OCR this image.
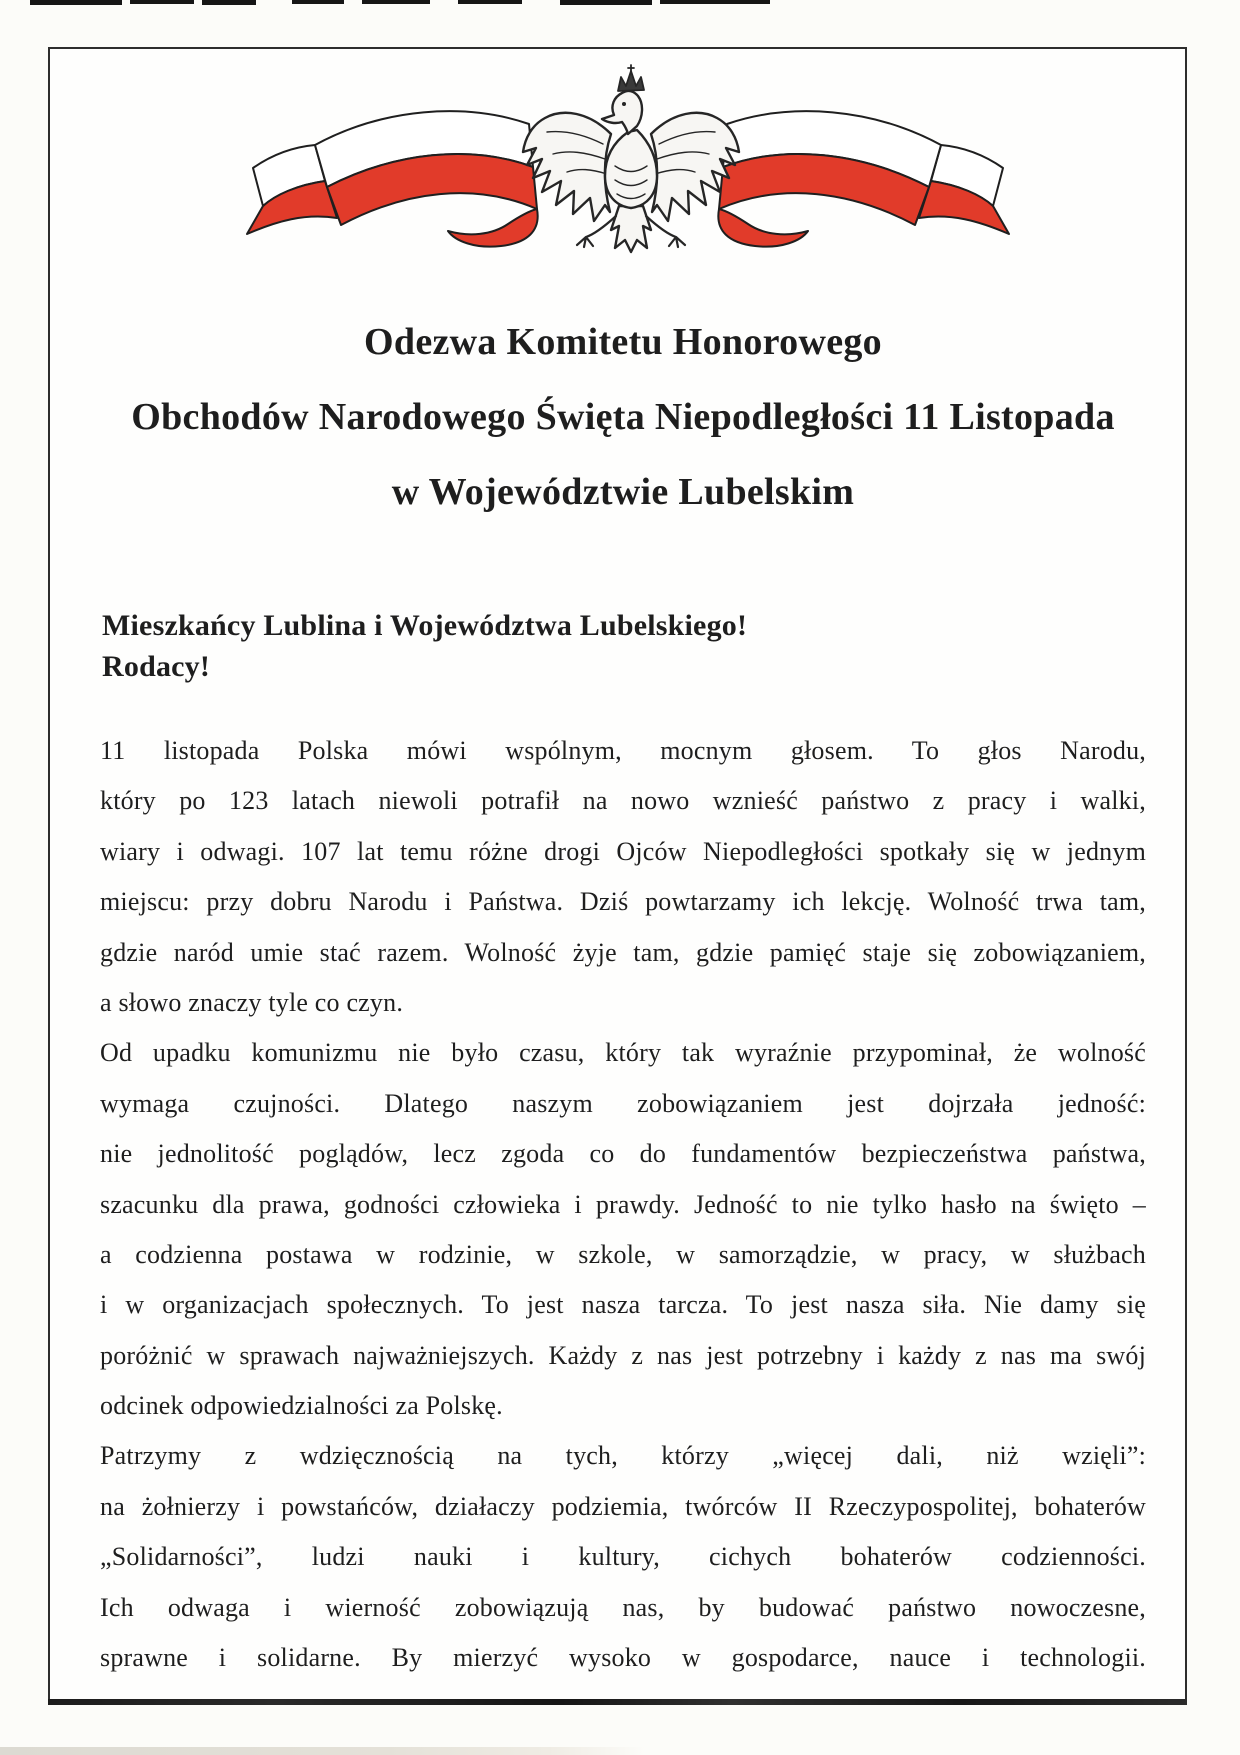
Odezwa Komitetu Honorowego
Obchodów Narodowego Święta Niepodległości 11 Listopada
w Województwie Lubelskim
Mieszkańcy Lublina i Województwa Lubelskiego!
Rodacy!
11 listopada Polska mówi wspólnym, mocnym głosem. To głos Narodu,
który po 123 latach niewoli potrafił na nowo wznieść państwo z pracy i walki,
wiary i odwagi. 107 lat temu różne drogi Ojców Niepodległości spotkały się w jednym
miejscu: przy dobru Narodu i Państwa. Dziś powtarzamy ich lekcję. Wolność trwa tam,
gdzie naród umie stać razem. Wolność żyje tam, gdzie pamięć staje się zobowiązaniem,
a słowo znaczy tyle co czyn.
Od upadku komunizmu nie było czasu, który tak wyraźnie przypominał, że wolność
wymaga czujności. Dlatego naszym zobowiązaniem jest dojrzała jedność:
nie jednolitość poglądów, lecz zgoda co do fundamentów bezpieczeństwa państwa,
szacunku dla prawa, godności człowieka i prawdy. Jedność to nie tylko hasło na święto –
a codzienna postawa w rodzinie, w szkole, w samorządzie, w pracy, w służbach
i w organizacjach społecznych. To jest nasza tarcza. To jest nasza siła. Nie damy się
poróżnić w sprawach najważniejszych. Każdy z nas jest potrzebny i każdy z nas ma swój
odcinek odpowiedzialności za Polskę.
Patrzymy z wdzięcznością na tych, którzy „więcej dali, niż wzięli”:
na żołnierzy i powstańców, działaczy podziemia, twórców II Rzeczypospolitej, bohaterów
„Solidarności”, ludzi nauki i kultury, cichych bohaterów codzienności.
Ich odwaga i wierność zobowiązują nas, by budować państwo nowoczesne,
sprawne i solidarne. By mierzyć wysoko w gospodarce, nauce i technologii.
